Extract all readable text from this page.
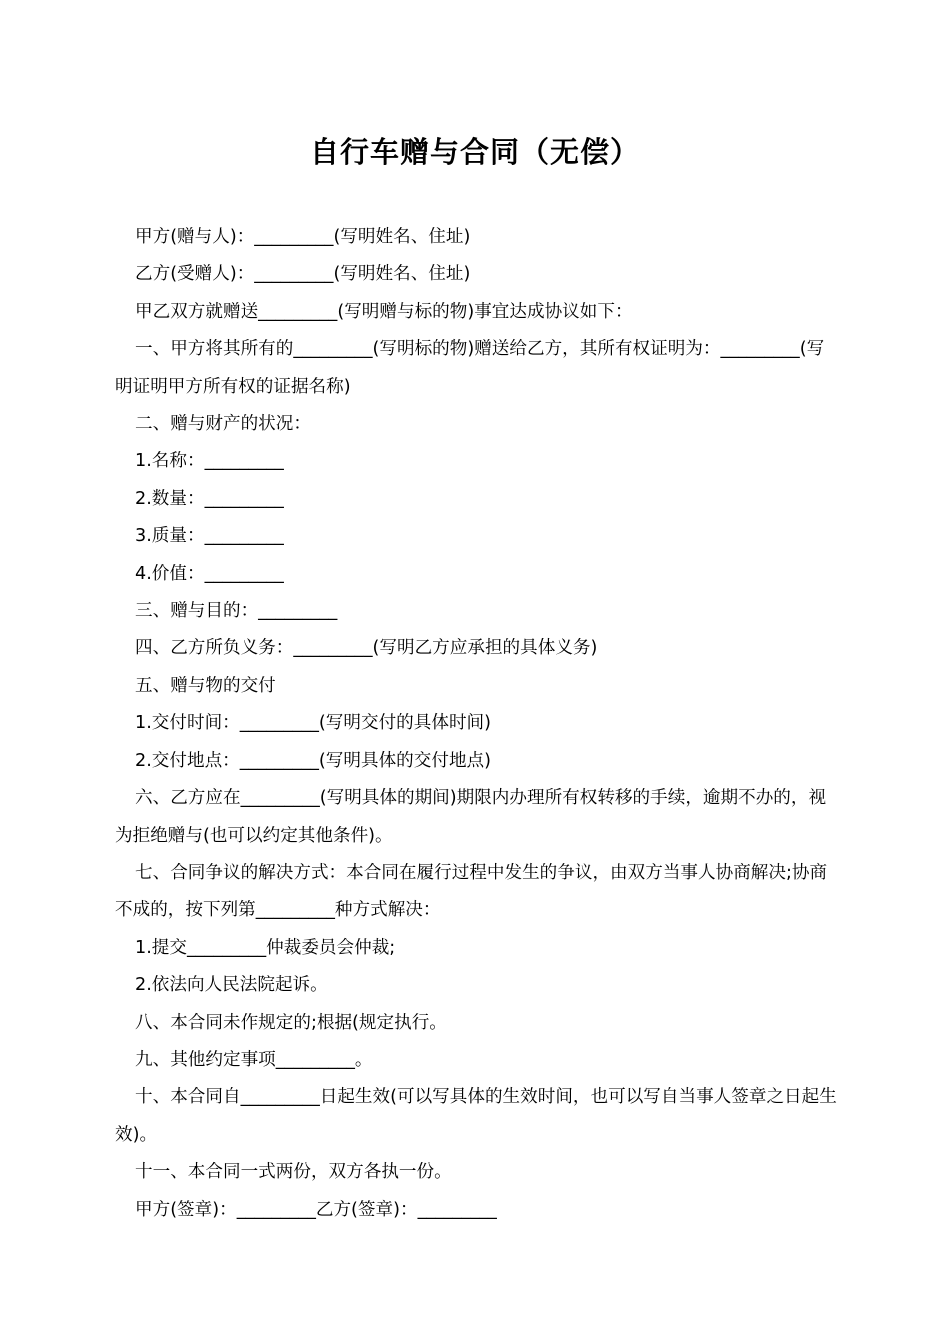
自行车赠与合同（无偿）

甲方(赠与人)：_________(写明姓名、住址)

乙方(受赠人)：_________(写明姓名、住址)

甲乙双方就赠送_________(写明赠与标的物)事宜达成协议如下：

一、甲方将其所有的_________(写明标的物)赠送给乙方，其所有权证明为：_________(写明证明甲方所有权的证据名称)

二、赠与财产的状况：

1.名称：_________

2.数量：_________

3.质量：_________

4.价值：_________

三、赠与目的：_________

四、乙方所负义务：_________(写明乙方应承担的具体义务)

五、赠与物的交付

1.交付时间：_________(写明交付的具体时间)

2.交付地点：_________(写明具体的交付地点)

六、乙方应在_________(写明具体的期间)期限内办理所有权转移的手续，逾期不办的，视为拒绝赠与(也可以约定其他条件)。

七、合同争议的解决方式：本合同在履行过程中发生的争议，由双方当事人协商解决;协商不成的，按下列第_________种方式解决：

1.提交_________仲裁委员会仲裁;

2.依法向人民法院起诉。

八、本合同未作规定的;根据(规定执行。

九、其他约定事项_________。

十、本合同自_________日起生效(可以写具体的生效时间，也可以写自当事人签章之日起生效)。

十一、本合同一式两份，双方各执一份。

甲方(签章)：_________乙方(签章)：_________
